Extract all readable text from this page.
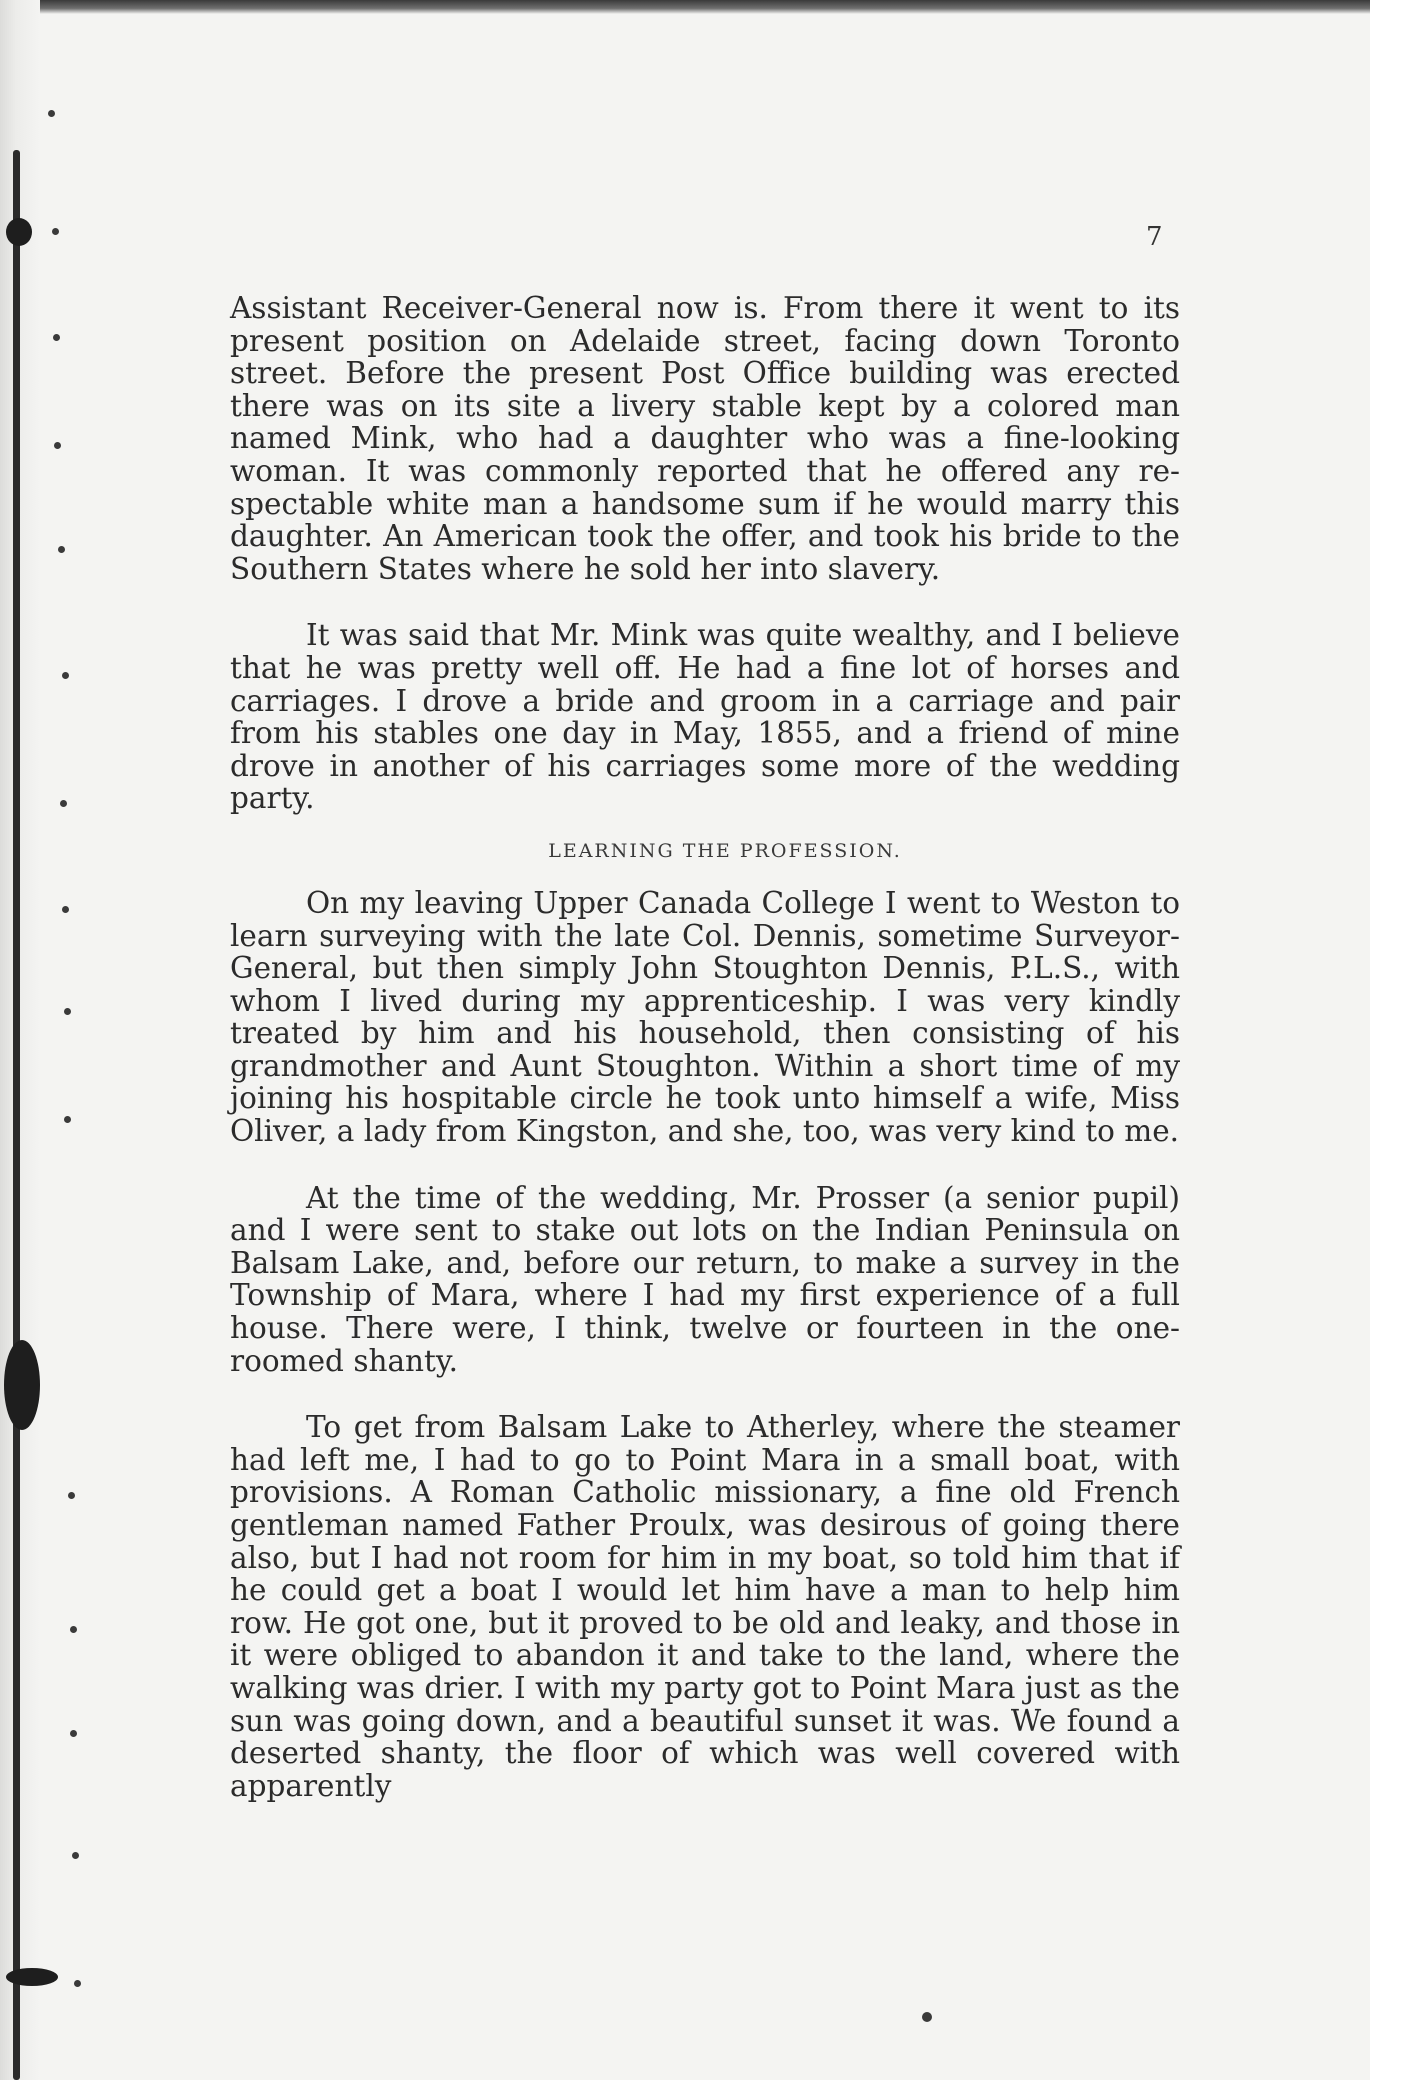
7

Assistant Receiver-General now is. From there it went to its present position on Adelaide street, facing down Toronto street. Before the present Post Office building was erected there was on its site a livery stable kept by a colored man named Mink, who had a daughter who was a fine-looking woman. It was commonly reported that he offered any respectable white man a handsome sum if he would marry this daughter. An American took the offer, and took his bride to the Southern States where he sold her into slavery.

It was said that Mr. Mink was quite wealthy, and I believe that he was pretty well off. He had a fine lot of horses and carriages. I drove a bride and groom in a carriage and pair from his stables one day in May, 1855, and a friend of mine drove in another of his carriages some more of the wedding party.

LEARNING THE PROFESSION.

On my leaving Upper Canada College I went to Weston to learn surveying with the late Col. Dennis, sometime Surveyor-General, but then simply John Stoughton Dennis, P.L.S., with whom I lived during my apprenticeship. I was very kindly treated by him and his household, then consisting of his grandmother and Aunt Stoughton. Within a short time of my joining his hospitable circle he took unto himself a wife, Miss Oliver, a lady from Kingston, and she, too, was very kind to me.

At the time of the wedding, Mr. Prosser (a senior pupil) and I were sent to stake out lots on the Indian Peninsula on Balsam Lake, and, before our return, to make a survey in the Township of Mara, where I had my first experience of a full house. There were, I think, twelve or fourteen in the one-roomed shanty.

To get from Balsam Lake to Atherley, where the steamer had left me, I had to go to Point Mara in a small boat, with provisions. A Roman Catholic missionary, a fine old French gentleman named Father Proulx, was desirous of going there also, but I had not room for him in my boat, so told him that if he could get a boat I would let him have a man to help him row. He got one, but it proved to be old and leaky, and those in it were obliged to abandon it and take to the land, where the walking was drier. I with my party got to Point Mara just as the sun was going down, and a beautiful sunset it was. We found a deserted shanty, the floor of which was well covered with apparently
